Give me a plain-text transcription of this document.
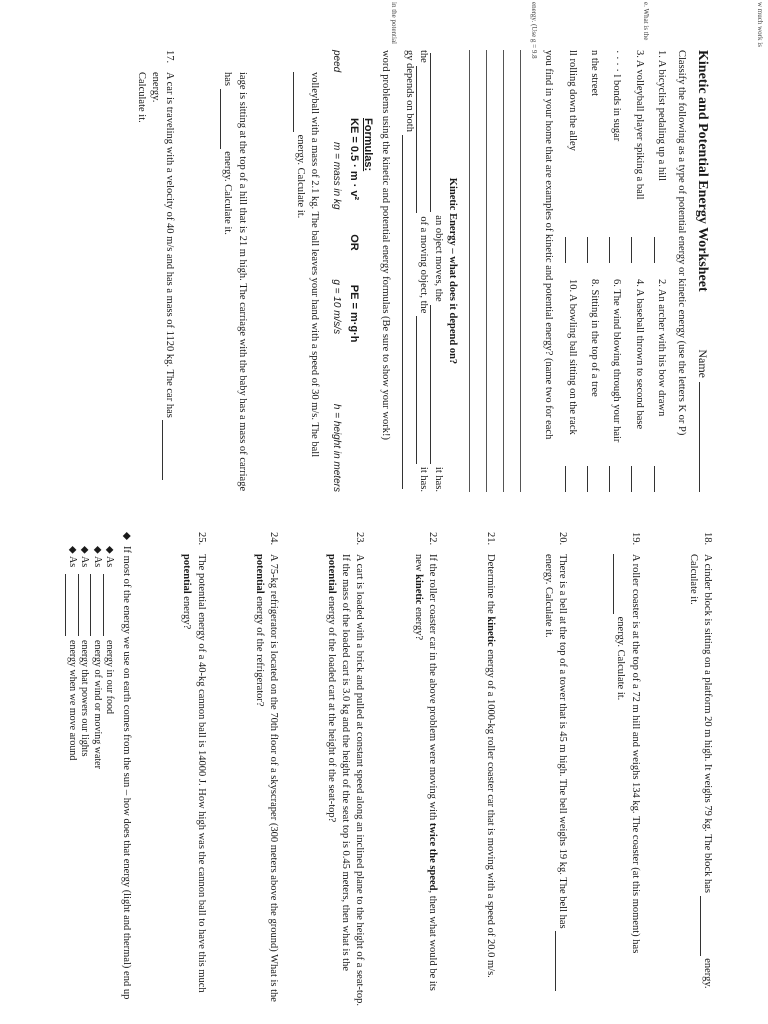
w much work is
e. What is the
energy. (Use g = 9.8
in the potential
Kinetic and Potential Energy Worksheet
Name
Classify the following as a type of potential energy or kinetic energy (use the letters K or P)
1. A bicyclist pedaling up a hill
2. An archer with his bow drawn
3. A volleyball player spiking a ball
4. A baseball thrown to second base
· · · · l bonds in sugar
6. The wind blowing through your hair
n the street
8. Sitting in the top of a tree
ll rolling down the alley
10. A bowling ball sitting on the rack
you find in your home that are examples of kinetic and potential energy? (name two for each
Kinetic Energy – what does it depend on?
an object moves, the
it has.
the
of a moving object, the
it has.
gy depends on both
word problems using the kinetic and potential energy formulas (Be sure to show your work!)
Formulas:
KE = 0.5 · m · v²
OR
PE = m·g·h
peed
m = mass in kg
g = 10 m/s/s
h = height in meters
volleyball with a mass of 2.1 kg. The ball leaves your hand with a speed of 30 m/s. The ball  energy. Calculate it.
iage is sitting at the top of a hill that is 21 m high. The carriage with the baby has a mass of carriage has  energy. Calculate it.
17.
A car is traveling with a velocity of 40 m/s and has a mass of 1120 kg. The car has  energy.
Calculate it.
18.
A cinder block is sitting on a platform 20 m high. It weighs 79 kg. The block has  energy.
Calculate it.
19.
A roller coaster is at the top of a 72 m hill and weighs 134 kg. The coaster (at this moment) has  energy. Calculate it.
20.
There is a bell at the top of a tower that is 45 m high. The bell weighs 19 kg. The bell has  energy. Calculate it.
21.
Determine the kinetic energy of a 1000-kg roller coaster car that is moving with a speed of 20.0 m/s.
22.
If the roller coaster car in the above problem were moving with twice the speed, then what would be its new kinetic energy?
23.
A cart is loaded with a brick and pulled at constant speed along an inclined plane to the height of a seat-top. If the mass of the loaded cart is 3.0 kg and the height of the seat top is 0.45 meters, then what is the potential energy of the loaded cart at the height of the seat-top?
24.
A 75-kg refrigerator is located on the 70th floor of a skyscraper (300 meters above the ground) What is the potential energy of the refrigerator?
25.
The potential energy of a 40-kg cannon ball is 14000 J. How high was the cannon ball to have this much potential energy?
◆
If most of the energy we use on earth comes from the sun – how does that energy (light and thermal) end up
◆
As
energy in our food
◆
As
energy of wind or moving water
◆
As
energy that powers our lights
◆
As
energy when we move around
